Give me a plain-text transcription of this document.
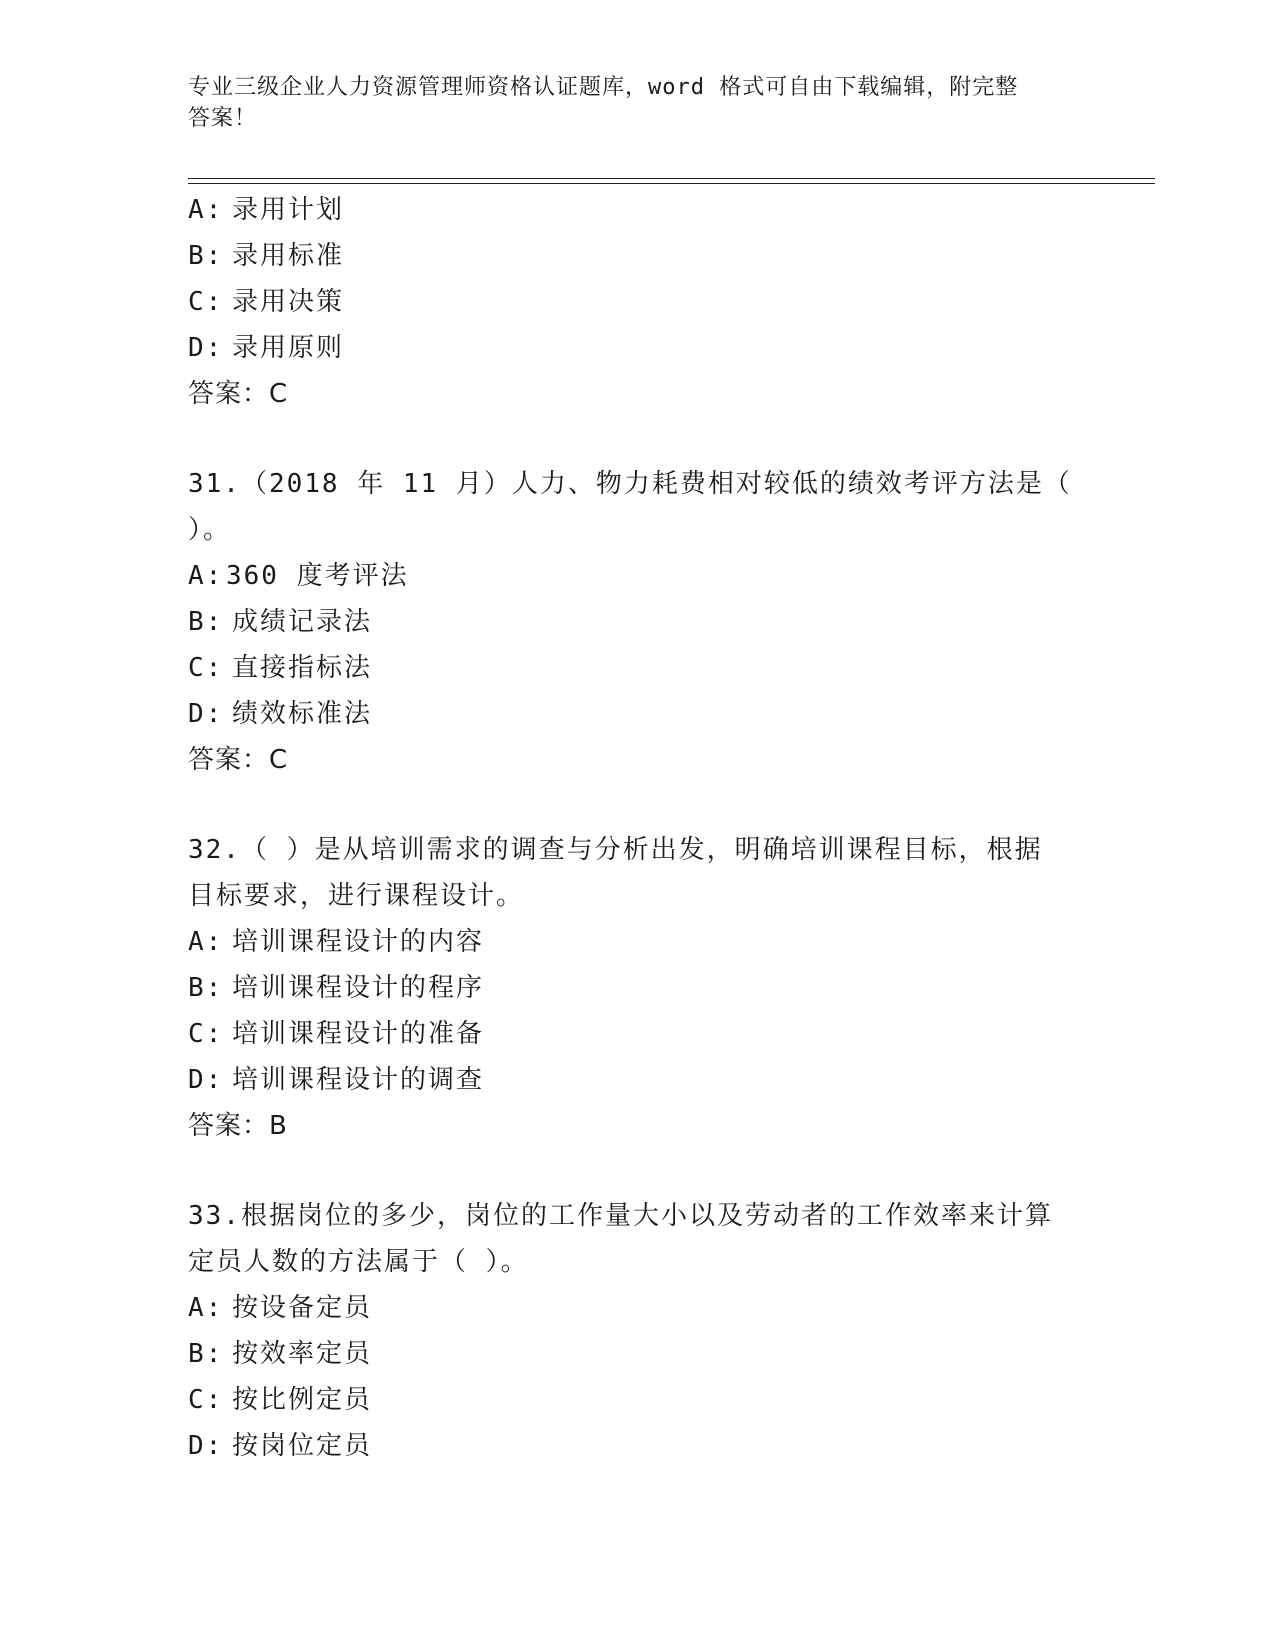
专业三级企业人力资源管理师资格认证题库，word 格式可自由下载编辑，附完整
答案！
A: 录用计划
B: 录用标准
C: 录用决策
D: 录用原则
答案：C
31.（2018 年 11 月）人力、物力耗费相对较低的绩效考评方法是（
）。
A: 360 度考评法
B: 成绩记录法
C: 直接指标法
D: 绩效标准法
答案：C
32.（ ）是从培训需求的调查与分析出发，明确培训课程目标，根据
目标要求，进行课程设计。
A: 培训课程设计的内容
B: 培训课程设计的程序
C: 培训课程设计的准备
D: 培训课程设计的调查
答案：B
33.根据岗位的多少，岗位的工作量大小以及劳动者的工作效率来计算
定员人数的方法属于（ ）。
A: 按设备定员
B: 按效率定员
C: 按比例定员
D: 按岗位定员
